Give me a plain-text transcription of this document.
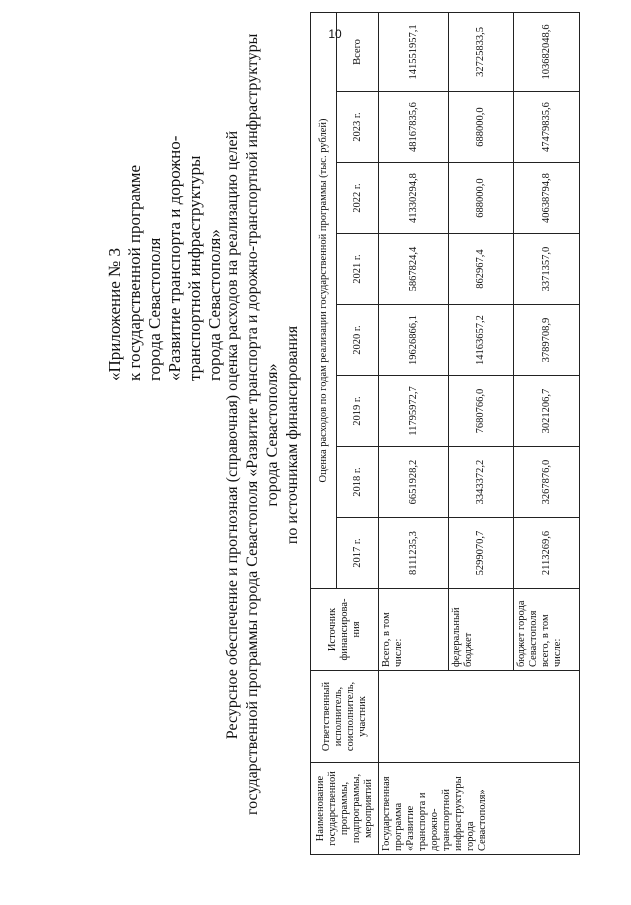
10
«Приложение № 3 к государственной программе города Севастополя «Развитие транспорта и дорожно- транспортной инфраструктуры города Севастополя» Ресурсное обеспечение и прогнозная (справочная) оценка расходов на реализацию целей государственной программы города Севастополя «Развитие транспорта и дорожно-транспортной инфраструктуры города Севастополя» по источникам финансирования
Наименование государственной программы, подпрограммы, мероприятий	Ответственный исполнитель, соисполнитель, участник	Источник финансирова-ния	Оценка расходов по годам реализации государственной программы (тыс. рублей)							
			2017 г.	2018 г.	2019 г.	2020 г.	2021 г.	2022 г.	2023 г.	Всего
Государственная программа «Развитие транспорта и дорожно-транспортной инфраструктуры города Севастополя»		Всего, в том числе:	8111235,3	6651928,2	11795972,7	19626866,1	5867824,4	41330294,8	48167835,6	141551957,1
		федеральный бюджет	5299070,7	3343372,2	7680766,0	14163657,2	862967,4	688000,0	688000,0	32725833,5
		бюджет города Севастополя всего, в том числе:	2113269,6	3267876,0	3021206,7	3789708,9	3371357,0	40638794,8	47479835,6	103682048,6
